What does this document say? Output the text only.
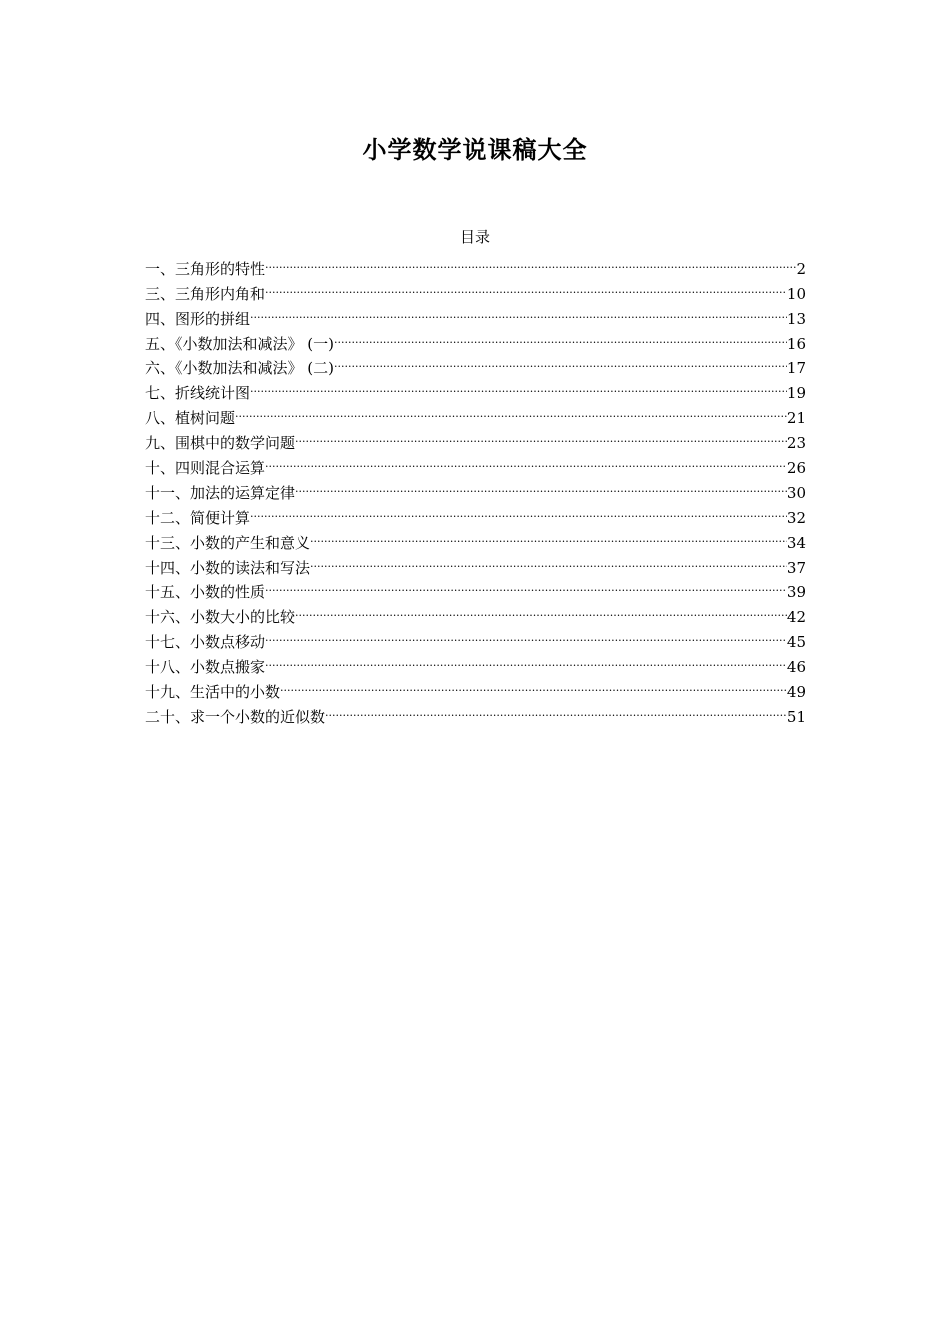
小学数学说课稿大全
目录
一、三角形的特性 .....	2
三、三角形内角和 .....	10
四、图形的拼组 .....	13
五、《小数加法和减法》 (一) .....	16
六、《小数加法和减法》 (二) .....	17
七、折线统计图 .....	19
八、植树问题 .....	21
九、围棋中的数学问题 .....	23
十、四则混合运算 .....	26
十一、加法的运算定律 .....	30
十二、简便计算 .....	32
十三、小数的产生和意义 .....	34
十四、小数的读法和写法 .....	37
十五、小数的性质 .....	39
十六、小数大小的比较 .....	42
十七、小数点移动 .....	45
十八、小数点搬家 .....	46
十九、生活中的小数 .....	49
二十、求一个小数的近似数 .....	51
